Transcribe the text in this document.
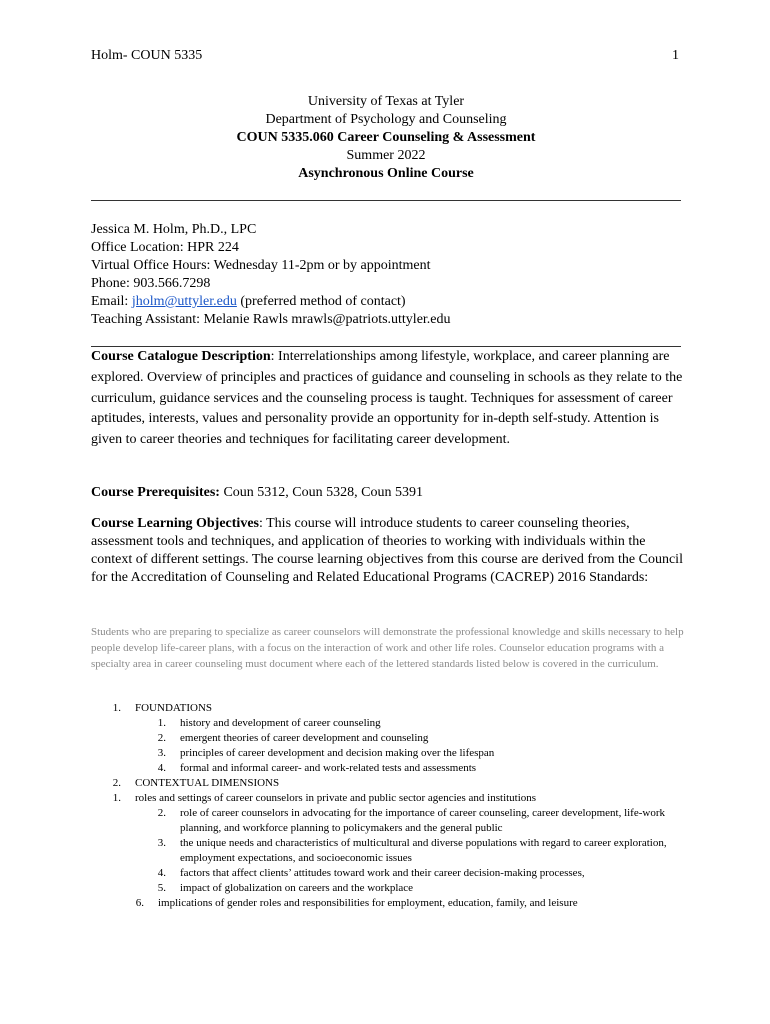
Holm- COUN 5335	1
University of Texas at Tyler
Department of Psychology and Counseling
COUN 5335.060 Career Counseling & Assessment
Summer 2022
Asynchronous Online Course
Jessica M. Holm, Ph.D., LPC
Office Location: HPR 224
Virtual Office Hours: Wednesday 11-2pm or by appointment
Phone: 903.566.7298
Email: jholm@uttyler.edu (preferred method of contact)
Teaching Assistant: Melanie Rawls mrawls@patriots.uttyler.edu
Course Catalogue Description: Interrelationships among lifestyle, workplace, and career planning are explored. Overview of principles and practices of guidance and counseling in schools as they relate to the curriculum, guidance services and the counseling process is taught. Techniques for assessment of career aptitudes, interests, values and personality provide an opportunity for in-depth self-study. Attention is given to career theories and techniques for facilitating career development.
Course Prerequisites: Coun 5312, Coun 5328, Coun 5391
Course Learning Objectives: This course will introduce students to career counseling theories, assessment tools and techniques, and application of theories to working with individuals within the context of different settings. The course learning objectives from this course are derived from the Council for the Accreditation of Counseling and Related Educational Programs (CACREP) 2016 Standards:
Students who are preparing to specialize as career counselors will demonstrate the professional knowledge and skills necessary to help people develop life-career plans, with a focus on the interaction of work and other life roles. Counselor education programs with a specialty area in career counseling must document where each of the lettered standards listed below is covered in the curriculum.
1.	FOUNDATIONS
1.	history and development of career counseling
2.	emergent theories of career development and counseling
3.	principles of career development and decision making over the lifespan
4.	formal and informal career- and work-related tests and assessments
2.	CONTEXTUAL DIMENSIONS
1.	roles and settings of career counselors in private and public sector agencies and institutions
2.	role of career counselors in advocating for the importance of career counseling, career development, life-work planning, and workforce planning to policymakers and the general public
3.	the unique needs and characteristics of multicultural and diverse populations with regard to career exploration, employment expectations, and socioeconomic issues
4.	factors that affect clients’ attitudes toward work and their career decision-making processes,
5.	impact of globalization on careers and the workplace
6.	implications of gender roles and responsibilities for employment, education, family, and leisure
